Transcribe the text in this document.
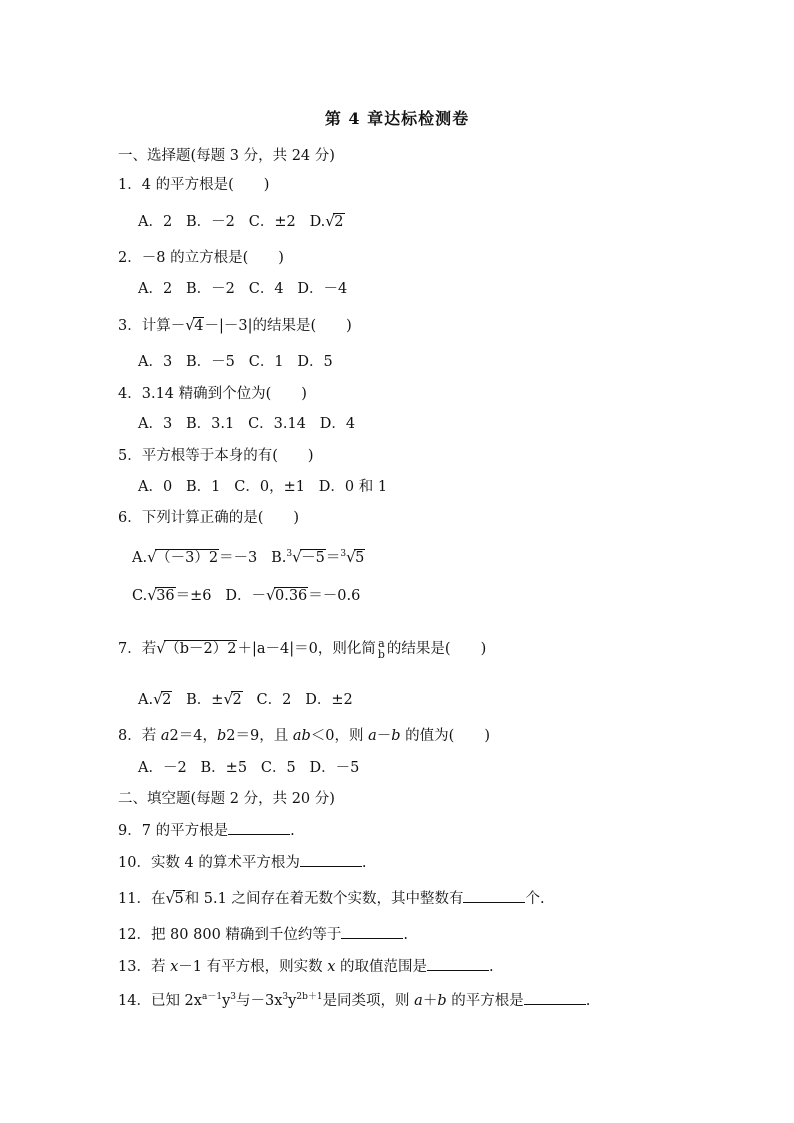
第 4 章达标检测卷
一、选择题(每题 3 分，共 24 分)
1．4 的平方根是( )
A．2 B．－2 C．±2 D. √ 2
2．－8 的立方根是( )
A．2 B．－2 C．4 D．－4
3．计算－ √ 4－|－3|的结果是( )
A．3 B．－5 C．1 D．5
4．3.14 精确到个位为( )
A．3 B．3.1 C．3.14 D．4
5．平方根等于本身的有( )
A．0 B．1 C．0，±1 D．0 和 1
6．下列计算正确的是( )
A. √ （－3）2＝－3 B.$^3$ √ －5＝$^3$ √ 5
C. √ 36＝±6 D．－ √ 0.36＝－0.6
7．若 √ （b－2）2＋|a－4|＝0，则化简 a
b 的结果是( )
A. √ 2 B．± √ 2 C．2 D．±2
8．若 a2＝4，b2＝9，且 ab＜0，则 a－b 的值为( )
A．－2 B．±5 C．5 D．－5
二、填空题(每题 2 分，共 20 分)
9．7 的平方根是	.
10．实数 4 的算术平方根为	.
11．在 √ 5和 5.1 之间存在着无数个实数，其中整数有	个.
12．把 80 800 精确到千位约等于	.
13．若 x－1 有平方根，则实数 x 的取值范围是	.
14．已知 $2x^{a-1}y^3$与$-3x^3y^{2b+1}$是同类项，则 a＋b 的平方根是	.
